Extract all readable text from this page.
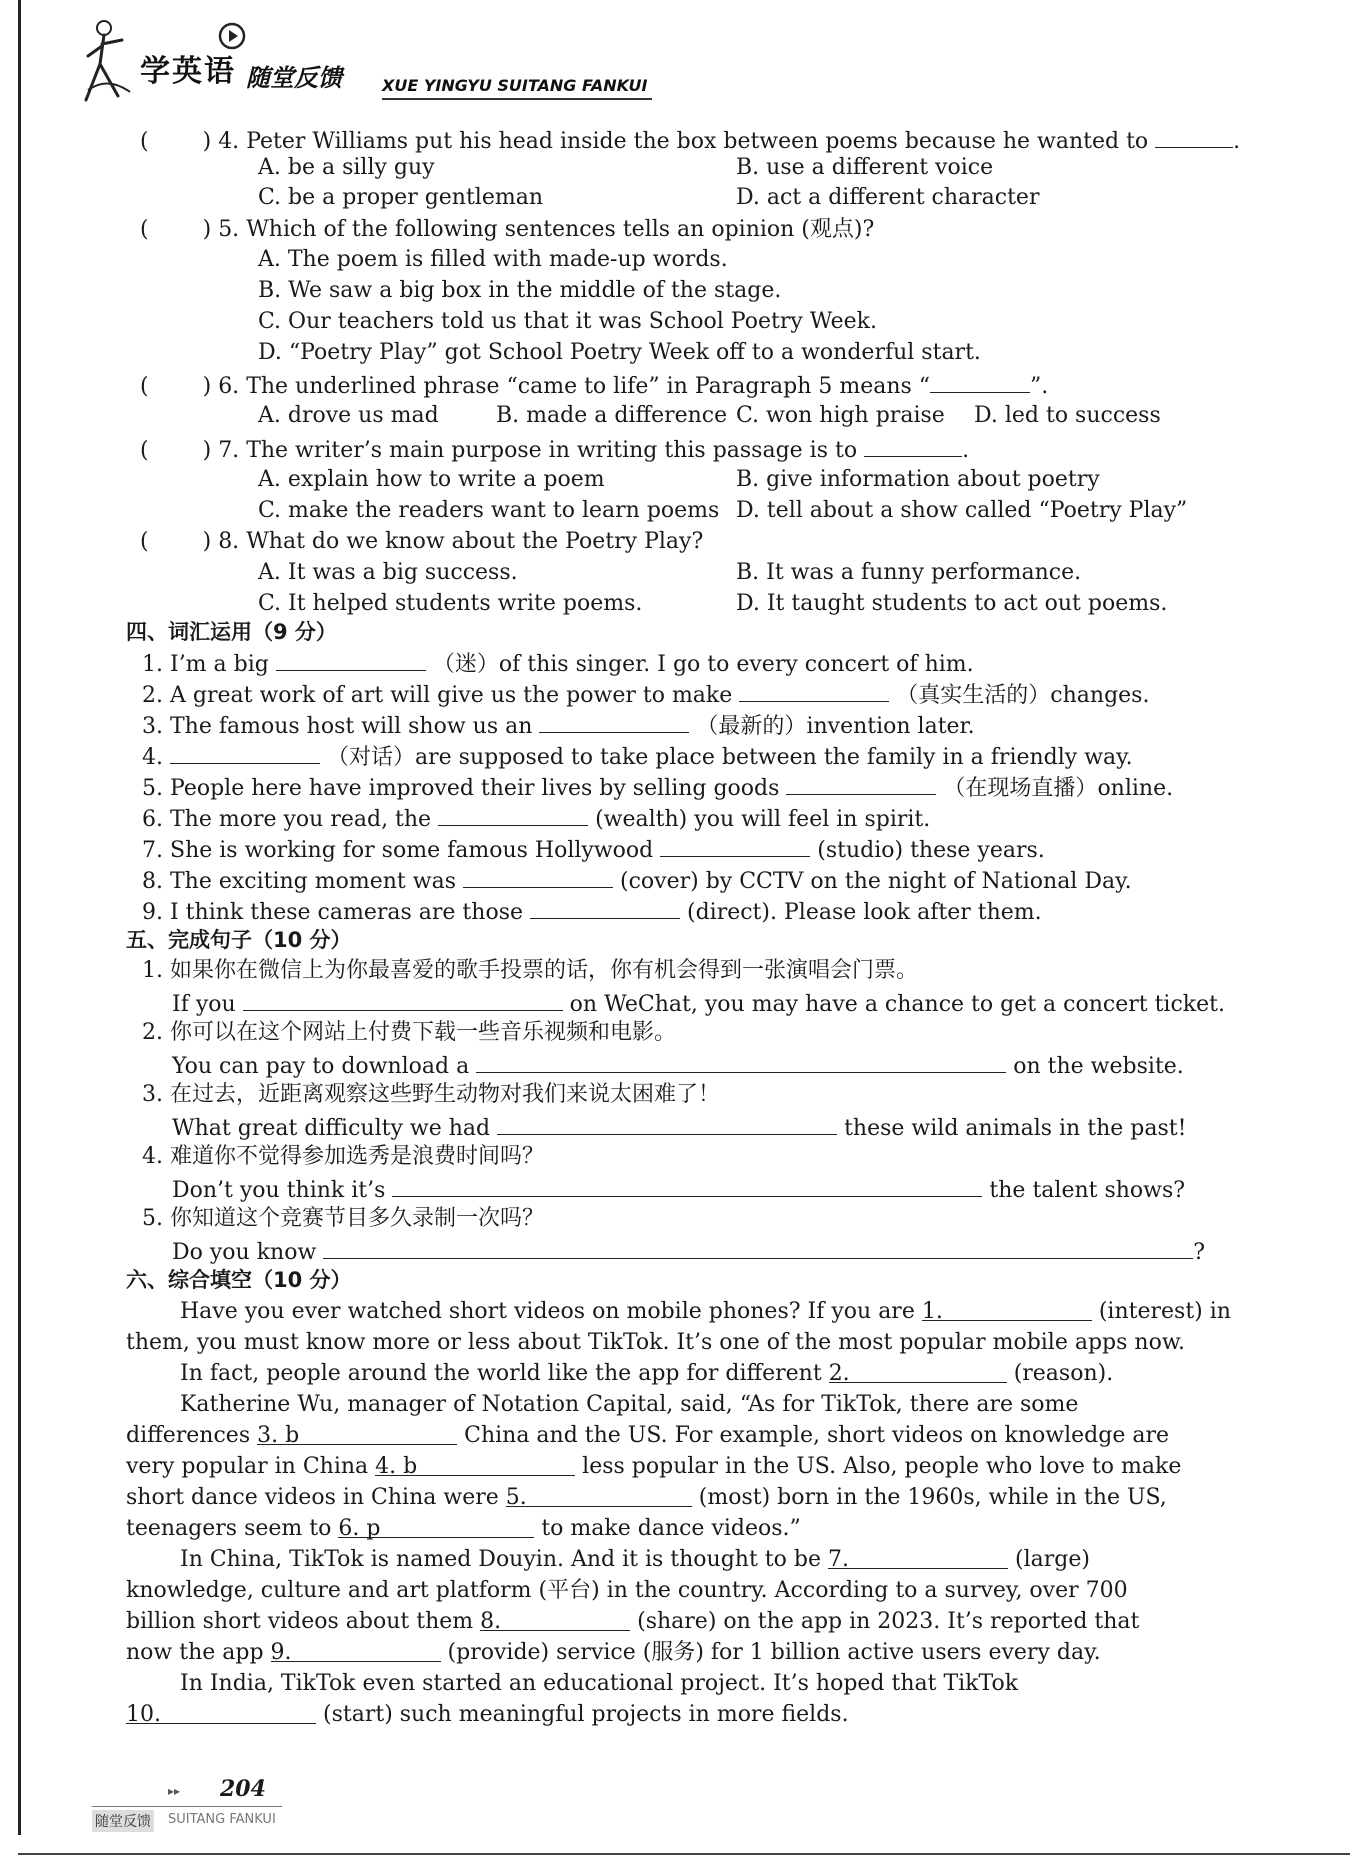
学英语 随堂反馈	XUE YINGYU SUITANG FANKUI
( ) 4. Peter Williams put his head inside the box between poems because he wanted to	.
A. be a silly guy	B. use a different voice
C. be a proper gentleman	D. act a different character
( ) 5. Which of the following sentences tells an opinion (观点)?
A. The poem is filled with made-up words.
B. We saw a big box in the middle of the stage.
C. Our teachers told us that it was School Poetry Week.
D. “Poetry Play” got School Poetry Week off to a wonderful start.
( ) 6. The underlined phrase “came to life” in Paragraph 5 means “	”.
A. drove us mad	B. made a difference C. won high praise D. led to success
( ) 7. The writer’s main purpose in writing this passage is to	.
A. explain how to write a poem	B. give information about poetry
C. make the readers want to learn poems D. tell about a show called “Poetry Play”
( ) 8. What do we know about the Poetry Play?
A. It was a big success.	B. It was a funny performance.
C. It helped students write poems.	D. It taught students to act out poems.
四、词汇运用（9 分）
1. I’m a big	（迷）of this singer. I go to every concert of him.
2. A great work of art will give us the power to make	（真实生活的）changes.
3. The famous host will show us an	（最新的）invention later.
4.	（对话）are supposed to take place between the family in a friendly way.
5. People here have improved their lives by selling goods	（在现场直播）online.
6. The more you read, the	(wealth) you will feel in spirit.
7. She is working for some famous Hollywood	(studio) these years.
8. The exciting moment was	(cover) by CCTV on the night of National Day.
9. I think these cameras are those	(direct). Please look after them.
五、完成句子（10 分）
1. 如果你在微信上为你最喜爱的歌手投票的话，你有机会得到一张演唱会门票。
If you	on WeChat, you may have a chance to get a concert ticket.
2. 你可以在这个网站上付费下载一些音乐视频和电影。
You can pay to download a	on the website.
3. 在过去，近距离观察这些野生动物对我们来说太困难了！
What great difficulty we had	these wild animals in the past!
4. 难道你不觉得参加选秀是浪费时间吗？
Don’t you think it’s	the talent shows?
5. 你知道这个竞赛节目多久录制一次吗？
Do you know	?
六、综合填空（10 分）
Have you ever watched short videos on mobile phones? If you are 1.	(interest) in
them, you must know more or less about TikTok. It’s one of the most popular mobile apps now.
In fact, people around the world like the app for different 2.	(reason).
Katherine Wu, manager of Notation Capital, said, “As for TikTok, there are some
differences 3. b	China and the US. For example, short videos on knowledge are
very popular in China 4. b	less popular in the US. Also, people who love to make
short dance videos in China were 5.	(most) born in the 1960s, while in the US,
teenagers seem to 6. p	to make dance videos.”
In China, TikTok is named Douyin. And it is thought to be 7.	(large)
knowledge, culture and art platform (平台) in the country. According to a survey, over 700
billion short videos about them 8.	(share) on the app in 2023. It’s reported that
now the app 9.	(provide) service (服务) for 1 billion active users every day.
In India, TikTok even started an educational project. It’s hoped that TikTok
10.	(start) such meaningful projects in more fields.
▸▸ 204
随堂反馈 SUITANG FANKUI
